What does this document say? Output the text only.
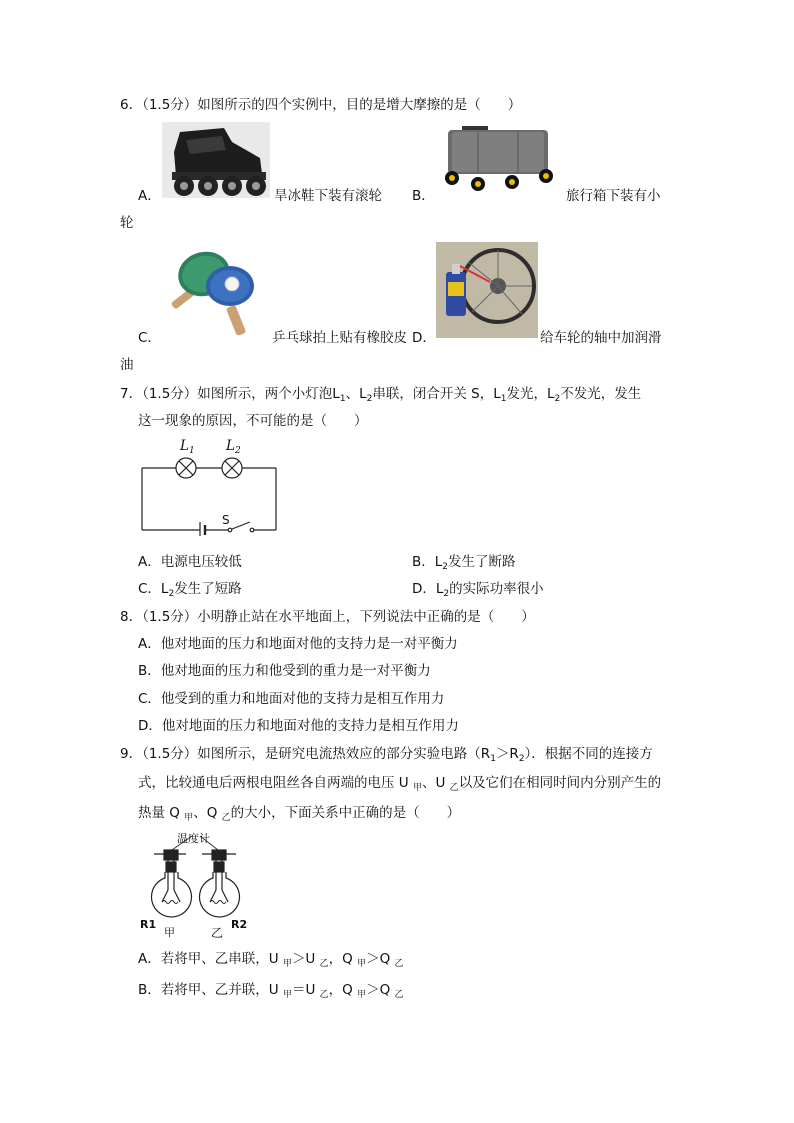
6．（1.5分）如图所示的四个实例中，目的是增大摩擦的是（　　）
A．	旱冰鞋下装有滚轮 B．	旅行箱下装有小
轮
C．	乒乓球拍上贴有橡胶皮 D．	给车轮的轴中加润滑
油
7．（1.5分）如图所示，两个小灯泡$L_1$、$L_2$串联，闭合开关 S，$L_1$发光，$L_2$不发光，发生
这一现象的原因，不可能的是（　　）
$L_1$ $L_2$
S
A．电源电压较低	B．$L_2$发生了断路
C．$L_2$发生了短路	D．$L_2$的实际功率很小
8．（1.5分）小明静止站在水平地面上，下列说法中正确的是（　　）
A．他对地面的压力和地面对他的支持力是一对平衡力
B．他对地面的压力和他受到的重力是一对平衡力
C．他受到的重力和地面对他的支持力是相互作用力
D．他对地面的压力和地面对他的支持力是相互作用力
9．（1.5分）如图所示，是研究电流热效应的部分实验电路$(R_1>R_2)$．根据不同的连接方
式，比较通电后两根电阻丝各自两端的电压 U $_甲$、U $_乙$以及它们在相同时间内分别产生的
热量 Q $_甲$、Q $_乙$的大小，下面关系中正确的是（　　）
温度计
R1	R2
甲	乙
A．若将甲、乙串联，U $_甲$＞U $_乙$，Q $_甲$＞Q $_乙$
B．若将甲、乙并联，U $_甲$＝U $_乙$，Q $_甲$＞Q $_乙$
